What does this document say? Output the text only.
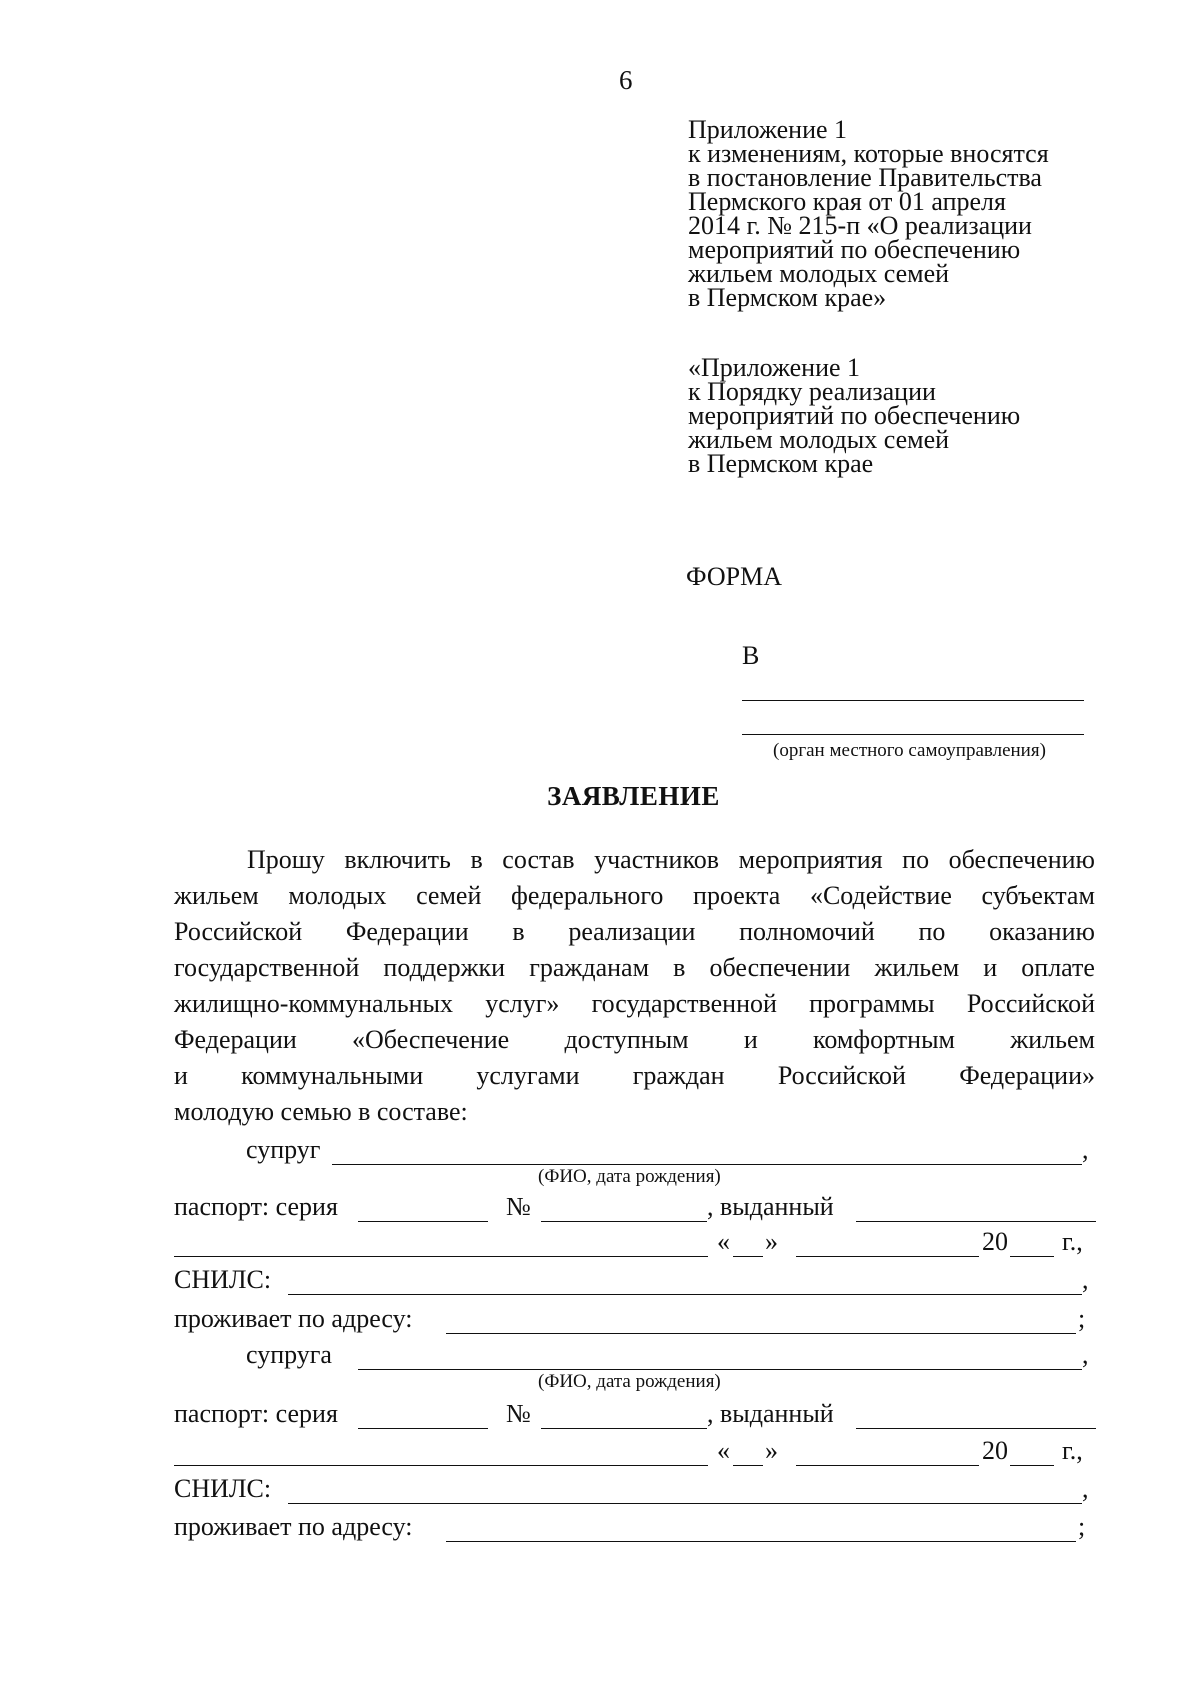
6
Приложение 1
к изменениям, которые вносятся
в постановление Правительства
Пермского края от 01 апреля
2014 г. № 215-п «О реализации
мероприятий по обеспечению
жильем молодых семей
в Пермском крае»
«Приложение 1
к Порядку реализации
мероприятий по обеспечению
жильем молодых семей
в Пермском крае
ФОРМА
В
(орган местного самоуправления)
ЗАЯВЛЕНИЕ
Прошу включить в состав участников мероприятия по обеспечению
жильем молодых семей федерального проекта «Содействие субъектам
Российской Федерации в реализации полномочий по оказанию
государственной поддержки гражданам в обеспечении жильем и оплате
жилищно-коммунальных услуг» государственной программы Российской
Федерации «Обеспечение доступным и комфортным жильем
и коммунальными услугами граждан Российской Федерации»
молодую семью в составе:
супруг	,
(ФИО, дата рождения)
паспорт: серия	№	, выданный
« »	20 г.,
СНИЛС:	,
проживает по адресу:	;
супруга	,
(ФИО, дата рождения)
паспорт: серия	№	, выданный
« »	20 г.,
СНИЛС:	,
проживает по адресу:	;
